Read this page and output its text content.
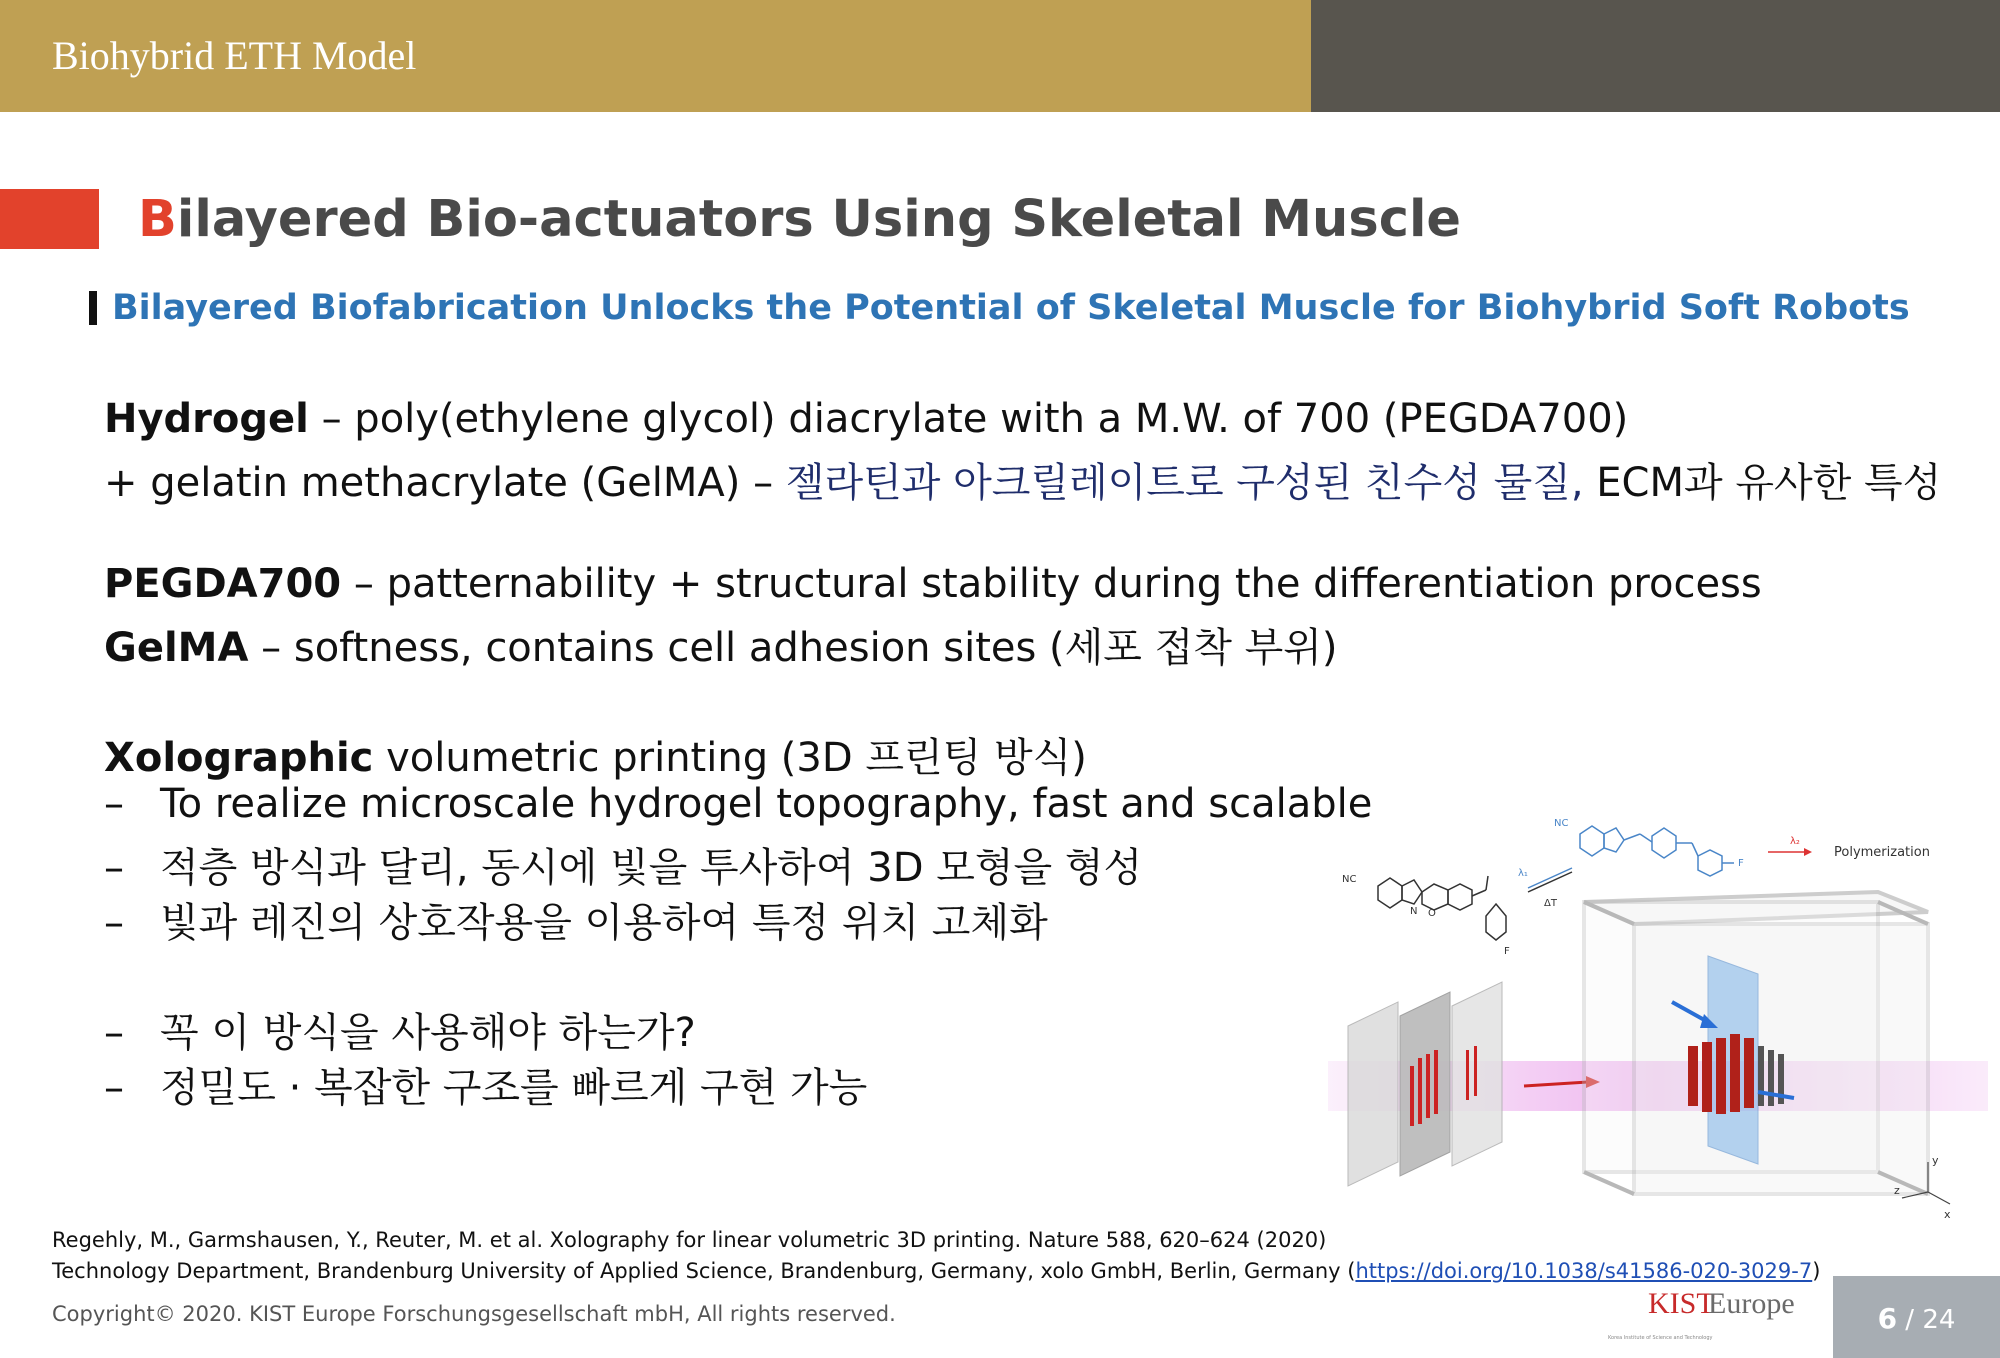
Biohybrid ETH Model
Bilayered Bio-actuators Using Skeletal Muscle
Bilayered Biofabrication Unlocks the Potential of Skeletal Muscle for Biohybrid Soft Robots
Hydrogel – poly(ethylene glycol) diacrylate with a M.W. of 700 (PEGDA700)
+ gelatin methacrylate (GelMA) – 젤라틴과 아크릴레이트로 구성된 친수성 물질, ECM과 유사한 특성
PEGDA700 – patternability + structural stability during the differentiation process
GelMA – softness, contains cell adhesion sites (세포 접착 부위)
Xolographic volumetric printing (3D 프린팅 방식)
– To realize microscale hydrogel topography, fast and scalable
– 적층 방식과 달리, 동시에 빛을 투사하여 3D 모형을 형성
– 빛과 레진의 상호작용을 이용하여 특정 위치 고체화
– 꼭 이 방식을 사용해야 하는가?
– 정밀도 · 복잡한 구조를 빠르게 구현 가능
NC
N O
F
NC
F
λ₂
Polymerization
λ₁
ΔT
y
z
x
Regehly, M., Garmshausen, Y., Reuter, M. et al. Xolography for linear volumetric 3D printing. Nature 588, 620–624 (2020)
Technology Department, Brandenburg University of Applied Science, Brandenburg, Germany, xolo GmbH, Berlin, Germany (https://doi.org/10.1038/s41586-020-3029-7)
Copyright© 2020. KIST Europe Forschungsgesellschaft mbH, All rights reserved.	KIST
Europe
Korea Institute of Science and Technology
6 / 24
